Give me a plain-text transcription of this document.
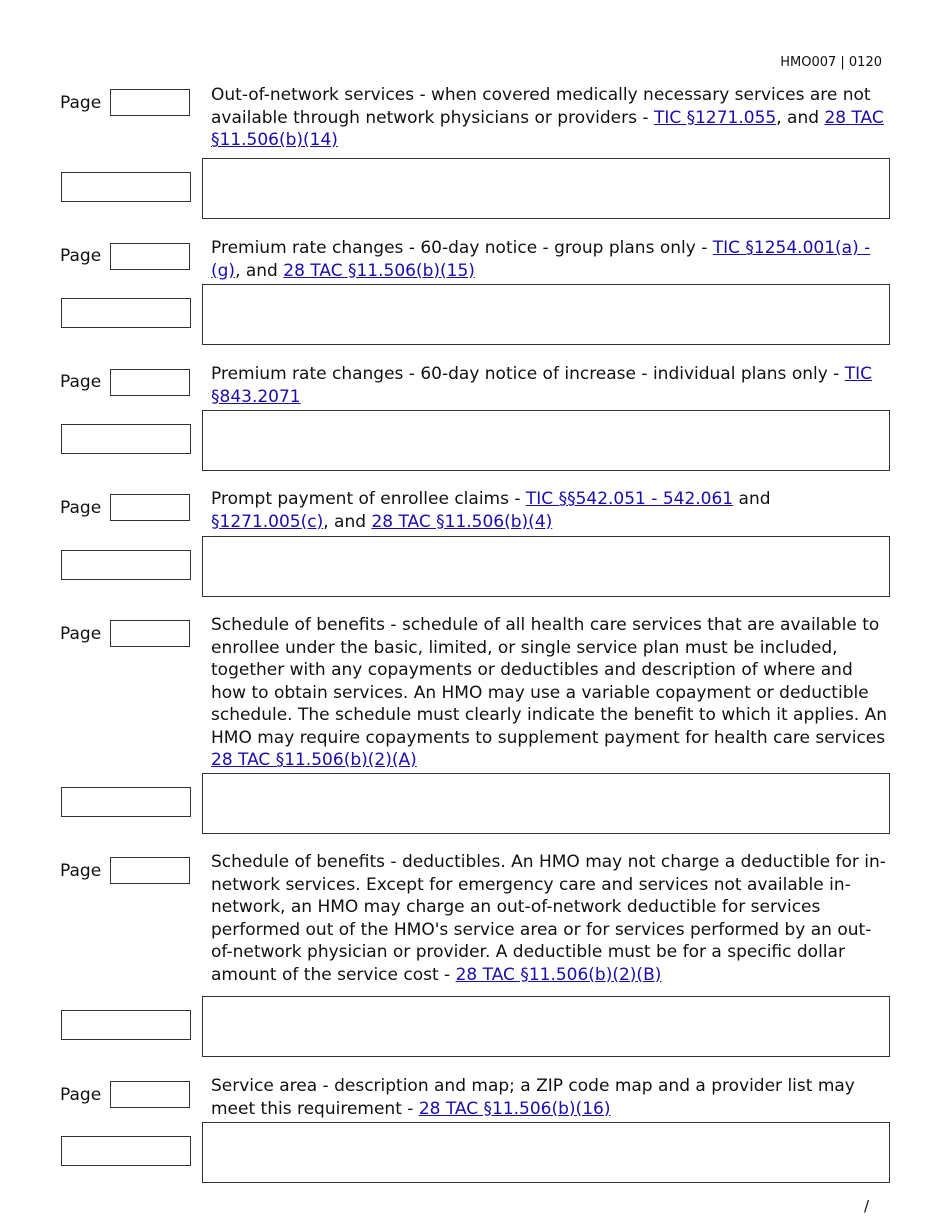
HMO007 | 0120
Page	Out-of-network services - when covered medically necessary services are not available through network physicians or providers - TIC §1271.055, and 28 TAC §11.506(b)(14)
Page	Premium rate changes - 60-day notice - group plans only - TIC §1254.001(a) - (g), and 28 TAC §11.506(b)(15)
Page	Premium rate changes - 60-day notice of increase - individual plans only - TIC §843.2071
Page	Prompt payment of enrollee claims - TIC §§542.051 - 542.061 and §1271.005(c), and 28 TAC §11.506(b)(4)
Page	Schedule of benefits - schedule of all health care services that are available to enrollee under the basic, limited, or single service plan must be included, together with any copayments or deductibles and description of where and how to obtain services. An HMO may use a variable copayment or deductible schedule. The schedule must clearly indicate the benefit to which it applies. An HMO may require copayments to supplement payment for health care services 28 TAC §11.506(b)(2)(A)
Page	Schedule of benefits - deductibles. An HMO may not charge a deductible for in-network services. Except for emergency care and services not available in-network, an HMO may charge an out-of-network deductible for services performed out of the HMO's service area or for services performed by an out-of-network physician or provider. A deductible must be for a specific dollar amount of the service cost - 28 TAC §11.506(b)(2)(B)
Page	Service area - description and map; a ZIP code map and a provider list may meet this requirement - 28 TAC §11.506(b)(16)
/
